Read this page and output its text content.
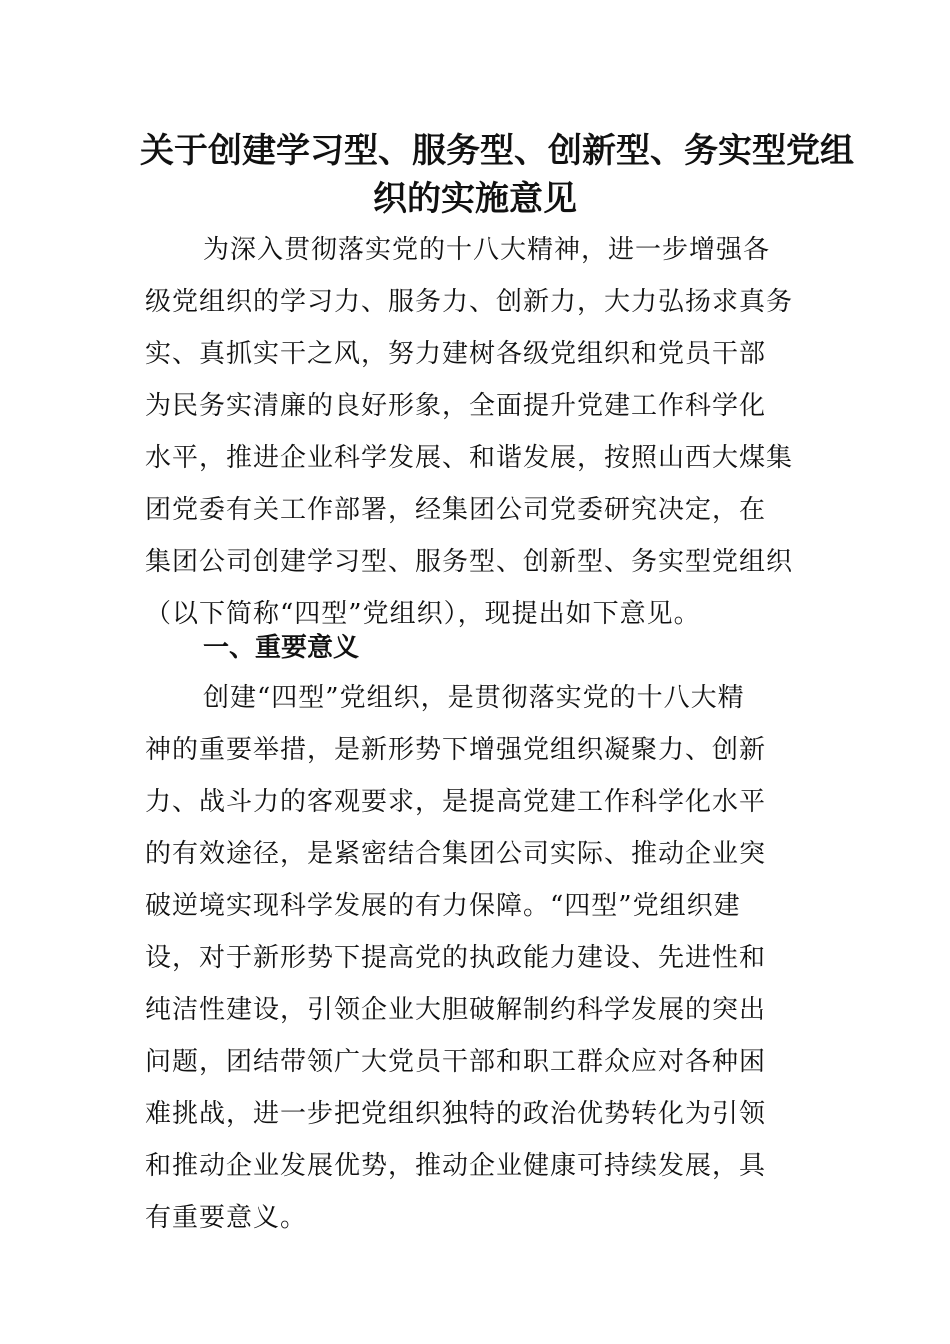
关于创建学习型、服务型、创新型、务实型党组
织的实施意见
为深入贯彻落实党的十八大精神，进一步增强各
级党组织的学习力、服务力、创新力，大力弘扬求真务
实、真抓实干之风，努力建树各级党组织和党员干部
为民务实清廉的良好形象，全面提升党建工作科学化
水平，推进企业科学发展、和谐发展，按照山西大煤集
团党委有关工作部署，经集团公司党委研究决定，在
集团公司创建学习型、服务型、创新型、务实型党组织
（以下简称“四型”党组织），现提出如下意见。
一、重要意义
创建“四型”党组织，是贯彻落实党的十八大精
神的重要举措，是新形势下增强党组织凝聚力、创新
力、战斗力的客观要求，是提高党建工作科学化水平
的有效途径，是紧密结合集团公司实际、推动企业突
破逆境实现科学发展的有力保障。“四型”党组织建
设，对于新形势下提高党的执政能力建设、先进性和
纯洁性建设，引领企业大胆破解制约科学发展的突出
问题，团结带领广大党员干部和职工群众应对各种困
难挑战，进一步把党组织独特的政治优势转化为引领
和推动企业发展优势，推动企业健康可持续发展，具
有重要意义。
